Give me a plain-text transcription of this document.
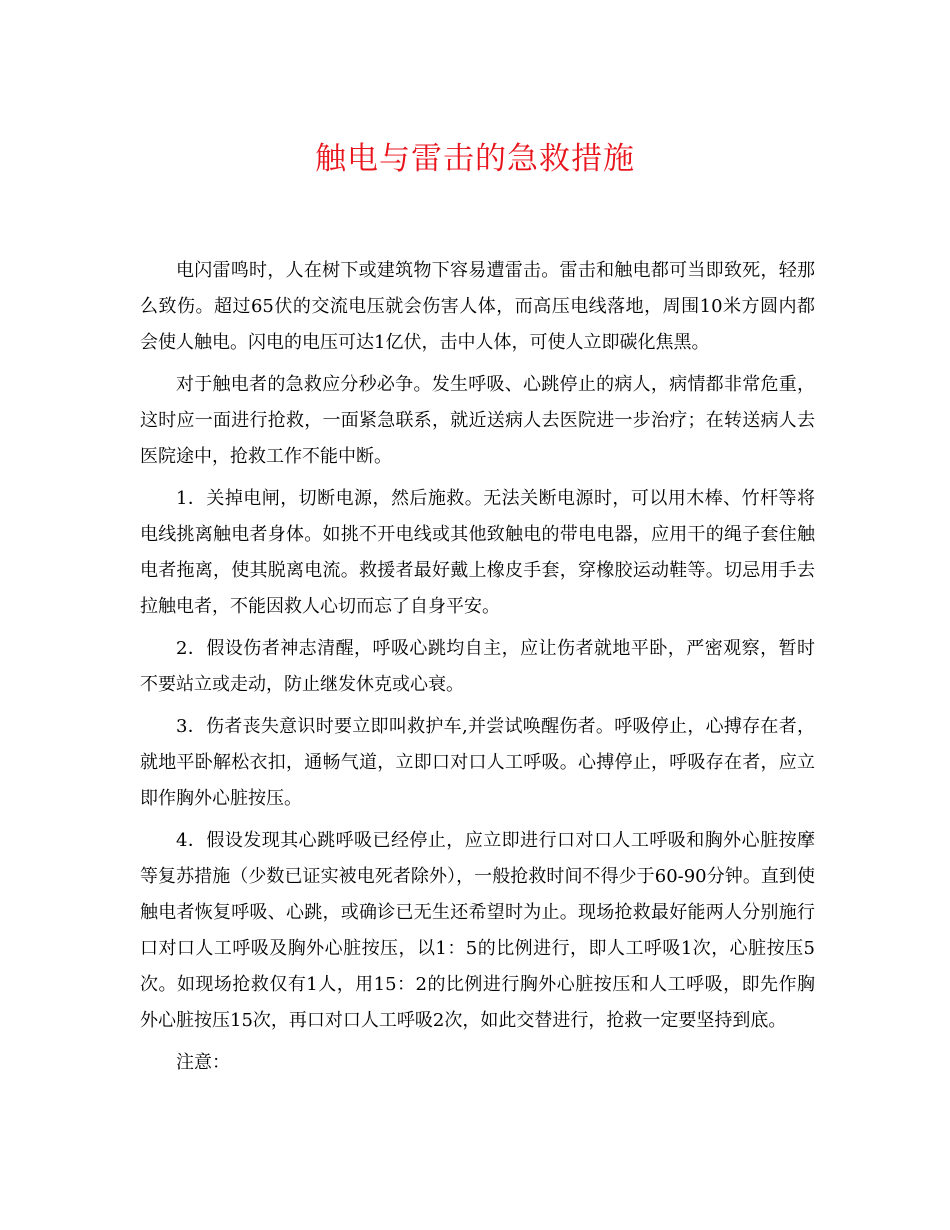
触电与雷击的急救措施

电闪雷鸣时，人在树下或建筑物下容易遭雷击。雷击和触电都可当即致死，轻那么致伤。超过65伏的交流电压就会伤害人体，而高压电线落地，周围10米方圆内都会使人触电。闪电的电压可达1亿伏，击中人体，可使人立即碳化焦黑。

对于触电者的急救应分秒必争。发生呼吸、心跳停止的病人，病情都非常危重，这时应一面进行抢救，一面紧急联系，就近送病人去医院进一步治疗；在转送病人去医院途中，抢救工作不能中断。

1．关掉电闸，切断电源，然后施救。无法关断电源时，可以用木棒、竹杆等将电线挑离触电者身体。如挑不开电线或其他致触电的带电电器，应用干的绳子套住触电者拖离，使其脱离电流。救援者最好戴上橡皮手套，穿橡胶运动鞋等。切忌用手去拉触电者，不能因救人心切而忘了自身平安。

2．假设伤者神志清醒，呼吸心跳均自主，应让伤者就地平卧，严密观察，暂时不要站立或走动，防止继发休克或心衰。

3．伤者丧失意识时要立即叫救护车,并尝试唤醒伤者。呼吸停止，心搏存在者，就地平卧解松衣扣，通畅气道，立即口对口人工呼吸。心搏停止，呼吸存在者，应立即作胸外心脏按压。

4．假设发现其心跳呼吸已经停止，应立即进行口对口人工呼吸和胸外心脏按摩等复苏措施（少数已证实被电死者除外），一般抢救时间不得少于60-90分钟。直到使触电者恢复呼吸、心跳，或确诊已无生还希望时为止。现场抢救最好能两人分别施行口对口人工呼吸及胸外心脏按压，以1：5的比例进行，即人工呼吸1次，心脏按压5次。如现场抢救仅有1人，用15：2的比例进行胸外心脏按压和人工呼吸，即先作胸外心脏按压15次，再口对口人工呼吸2次，如此交替进行，抢救一定要坚持到底。

注意：
